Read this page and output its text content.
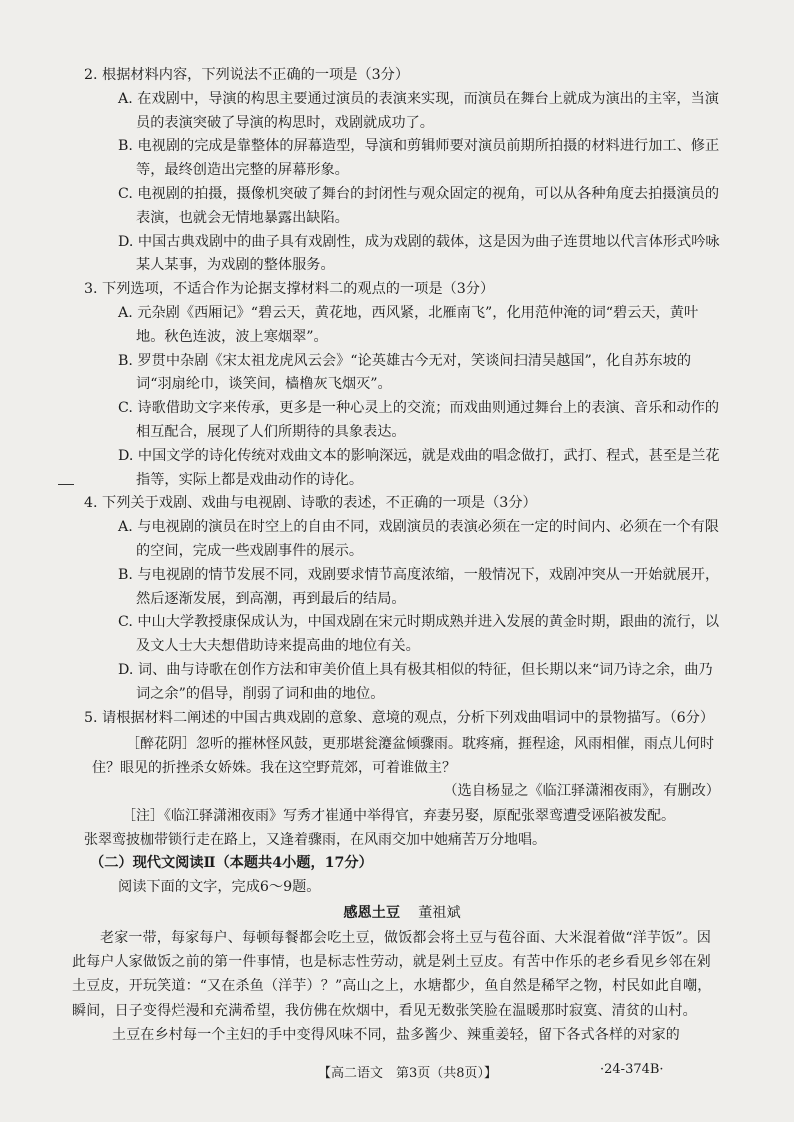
2. 根据材料内容，下列说法不正确的一项是（3分）
A. 在戏剧中，导演的构思主要通过演员的表演来实现，而演员在舞台上就成为演出的主宰，当演员的表演突破了导演的构思时，戏剧就成功了。
B. 电视剧的完成是靠整体的屏幕造型，导演和剪辑师要对演员前期所拍摄的材料进行加工、修正等，最终创造出完整的屏幕形象。
C. 电视剧的拍摄，摄像机突破了舞台的封闭性与观众固定的视角，可以从各种角度去拍摄演员的表演，也就会无情地暴露出缺陷。
D. 中国古典戏剧中的曲子具有戏剧性，成为戏剧的载体，这是因为曲子连贯地以代言体形式吟咏某人某事，为戏剧的整体服务。
3. 下列选项，不适合作为论据支撑材料二的观点的一项是（3分）
A. 元杂剧《西厢记》“碧云天，黄花地，西风紧，北雁南飞”，化用范仲淹的词“碧云天，黄叶地。秋色连波，波上寒烟翠”。
B. 罗贯中杂剧《宋太祖龙虎风云会》“论英雄古今无对，笑谈间扫清吴越国”，化自苏东坡的词“羽扇纶巾，谈笑间，樯橹灰飞烟灭”。
C. 诗歌借助文字来传承，更多是一种心灵上的交流；而戏曲则通过舞台上的表演、音乐和动作的相互配合，展现了人们所期待的具象表达。
D. 中国文学的诗化传统对戏曲文本的影响深远，就是戏曲的唱念做打，武打、程式，甚至是兰花指等，实际上都是戏曲动作的诗化。
4. 下列关于戏剧、戏曲与电视剧、诗歌的表述，不正确的一项是（3分）
A. 与电视剧的演员在时空上的自由不同，戏剧演员的表演必须在一定的时间内、必须在一个有限的空间，完成一些戏剧事件的展示。
B. 与电视剧的情节发展不同，戏剧要求情节高度浓缩，一般情况下，戏剧冲突从一开始就展开，然后逐渐发展，到高潮，再到最后的结局。
C. 中山大学教授康保成认为，中国戏剧在宋元时期成熟并进入发展的黄金时期，跟曲的流行，以及文人士大夫想借助诗来提高曲的地位有关。
D. 词、曲与诗歌在创作方法和审美价值上具有极其相似的特征，但长期以来“词乃诗之余，曲乃词之余”的倡导，削弱了词和曲的地位。
5. 请根据材料二阐述的中国古典戏剧的意象、意境的观点，分析下列戏曲唱词中的景物描写。（6分）
［醉花阴］忽听的摧林怪风鼓，更那堪瓮瀽盆倾骤雨。耽疼痛，捱程途，风雨相催，雨点儿何时住？眼见的折挫杀女娇姝。我在这空野荒郊，可着谁做主？

（选自杨显之《临江驿潇湘夜雨》，有删改）

［注］《临江驿潇湘夜雨》写秀才崔通中举得官，弃妻另娶，原配张翠鸾遭受诬陷被发配。
张翠鸾披枷带锁行走在路上，又逢着骤雨，在风雨交加中她痛苦万分地唱。
（二）现代文阅读Ⅱ（本题共4小题，17分）
阅读下面的文字，完成6～9题。
感恩土豆 董祖斌

老家一带，每家每户、每顿每餐都会吃土豆，做饭都会将土豆与苞谷面、大米混着做“洋芋饭”。因此每户人家做饭之前的第一件事情，也是标志性劳动，就是剁土豆皮。有苦中作乐的老乡看见乡邻在剁土豆皮，开玩笑道：“又在杀鱼（洋芋）？”高山之上，水塘都少，鱼自然是稀罕之物，村民如此自嘲，瞬间，日子变得烂漫和充满希望，我仿佛在炊烟中，看见无数张笑脸在温暖那时寂寞、清贫的山村。

土豆在乡村每一个主妇的手中变得风味不同，盐多酱少、辣重姜轻，留下各式各样的对家的

【高二语文　第3页（共8页）】	·24-374B·
